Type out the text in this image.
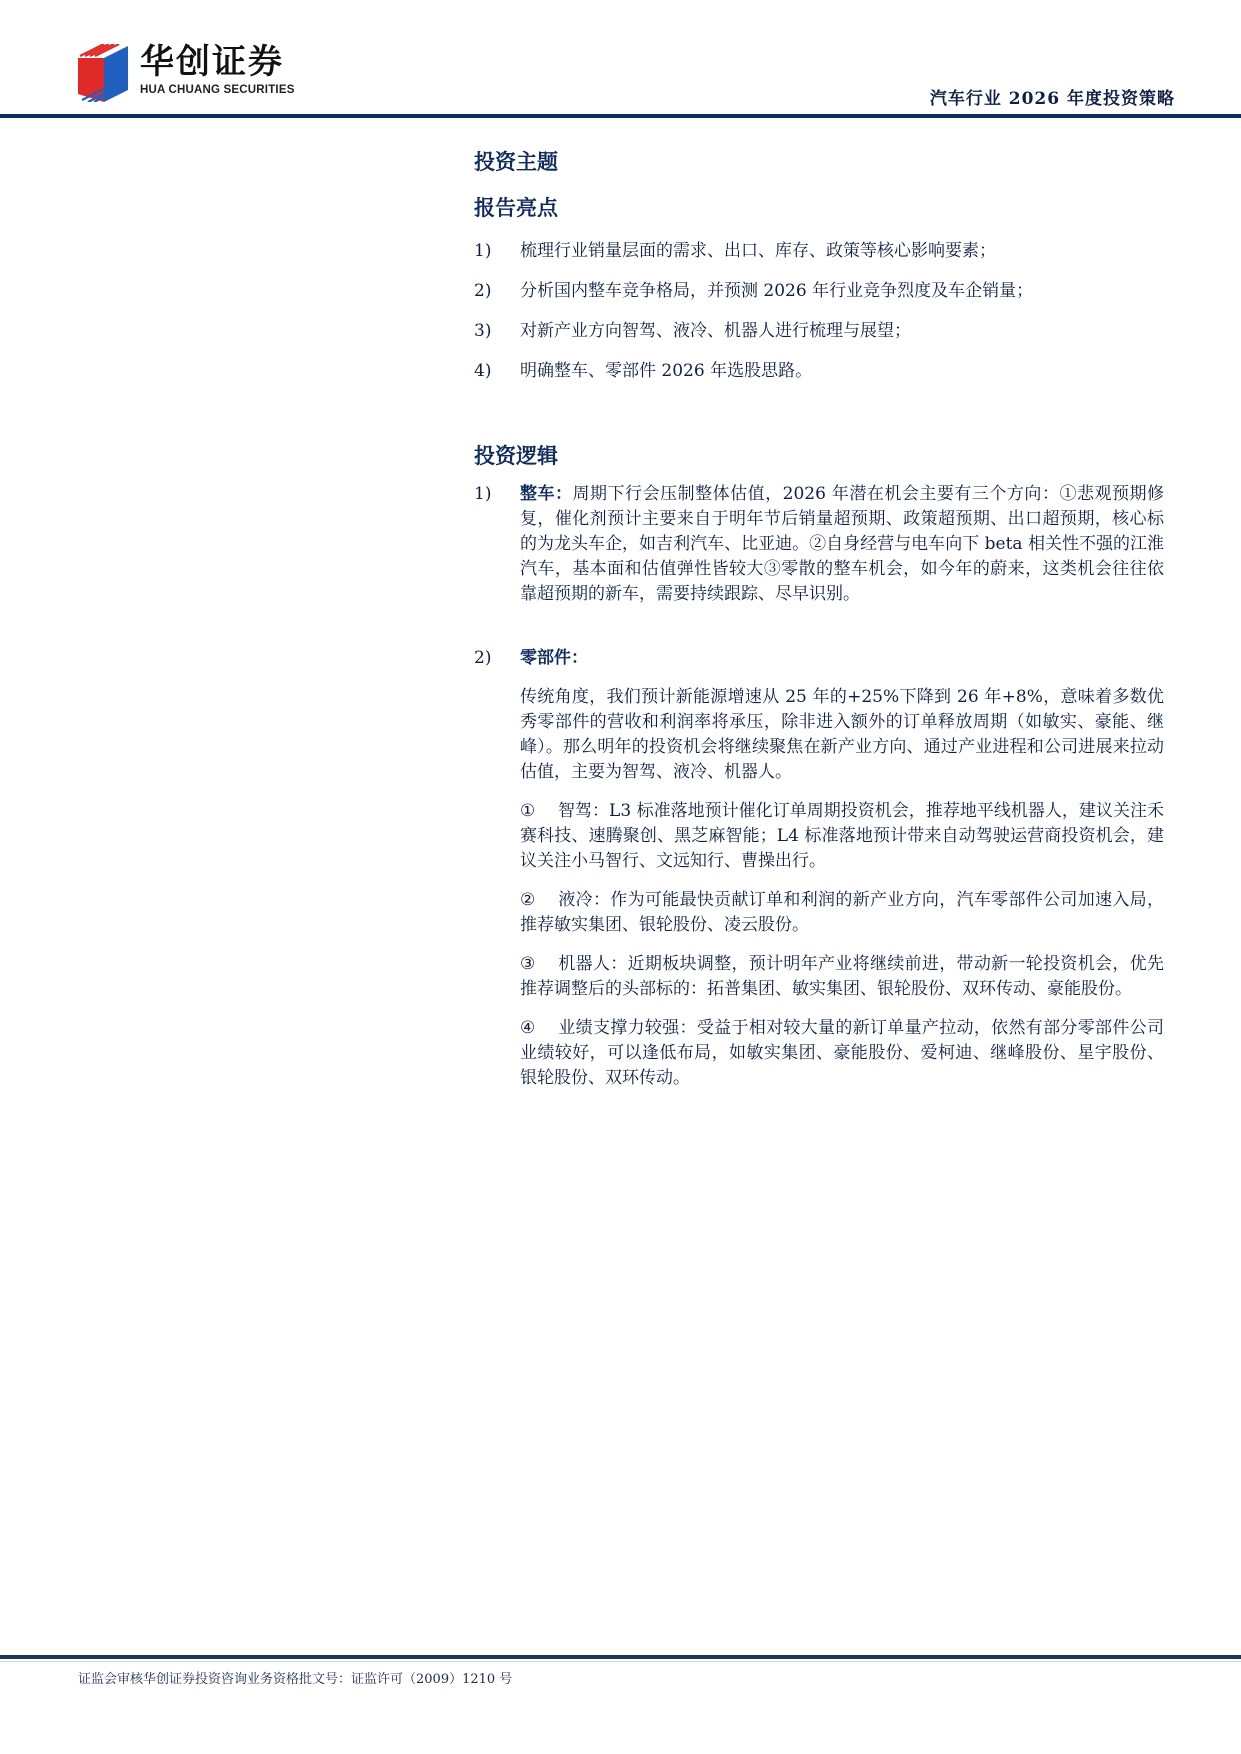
华创证券
HUA CHUANG SECURITIES	汽车行业 2026 年度投资策略
投资主题
报告亮点
1)	梳理行业销量层面的需求、出口、库存、政策等核心影响要素；
2)	分析国内整车竞争格局，并预测 2026 年行业竞争烈度及车企销量；
3)	对新产业方向智驾、液冷、机器人进行梳理与展望；
4)	明确整车、零部件 2026 年选股思路。
投资逻辑
1)	整车：周期下行会压制整体估值，2026 年潜在机会主要有三个方向：①悲观预期修复，催化剂预计主要来自于明年节后销量超预期、政策超预期、出口超预期，核心标的为龙头车企，如吉利汽车、比亚迪。②自身经营与电车向下 beta 相关性不强的江淮汽车，基本面和估值弹性皆较大③零散的整车机会，如今年的蔚来，这类机会往往依靠超预期的新车，需要持续跟踪、尽早识别。
2)	零部件：
传统角度，我们预计新能源增速从 25 年的+25%下降到 26 年+8%，意味着多数优秀零部件的营收和利润率将承压，除非进入额外的订单释放周期（如敏实、豪能、继峰）。那么明年的投资机会将继续聚焦在新产业方向、通过产业进程和公司进展来拉动估值，主要为智驾、液冷、机器人。
① 智驾：L3 标准落地预计催化订单周期投资机会，推荐地平线机器人，建议关注禾赛科技、速腾聚创、黑芝麻智能；L4 标准落地预计带来自动驾驶运营商投资机会，建议关注小马智行、文远知行、曹操出行。
② 液冷：作为可能最快贡献订单和利润的新产业方向，汽车零部件公司加速入局，推荐敏实集团、银轮股份、凌云股份。
③ 机器人：近期板块调整，预计明年产业将继续前进，带动新一轮投资机会，优先推荐调整后的头部标的：拓普集团、敏实集团、银轮股份、双环传动、豪能股份。
④ 业绩支撑力较强：受益于相对较大量的新订单量产拉动，依然有部分零部件公司业绩较好，可以逢低布局，如敏实集团、豪能股份、爱柯迪、继峰股份、星宇股份、银轮股份、双环传动。
证监会审核华创证券投资咨询业务资格批文号：证监许可（2009）1210 号
